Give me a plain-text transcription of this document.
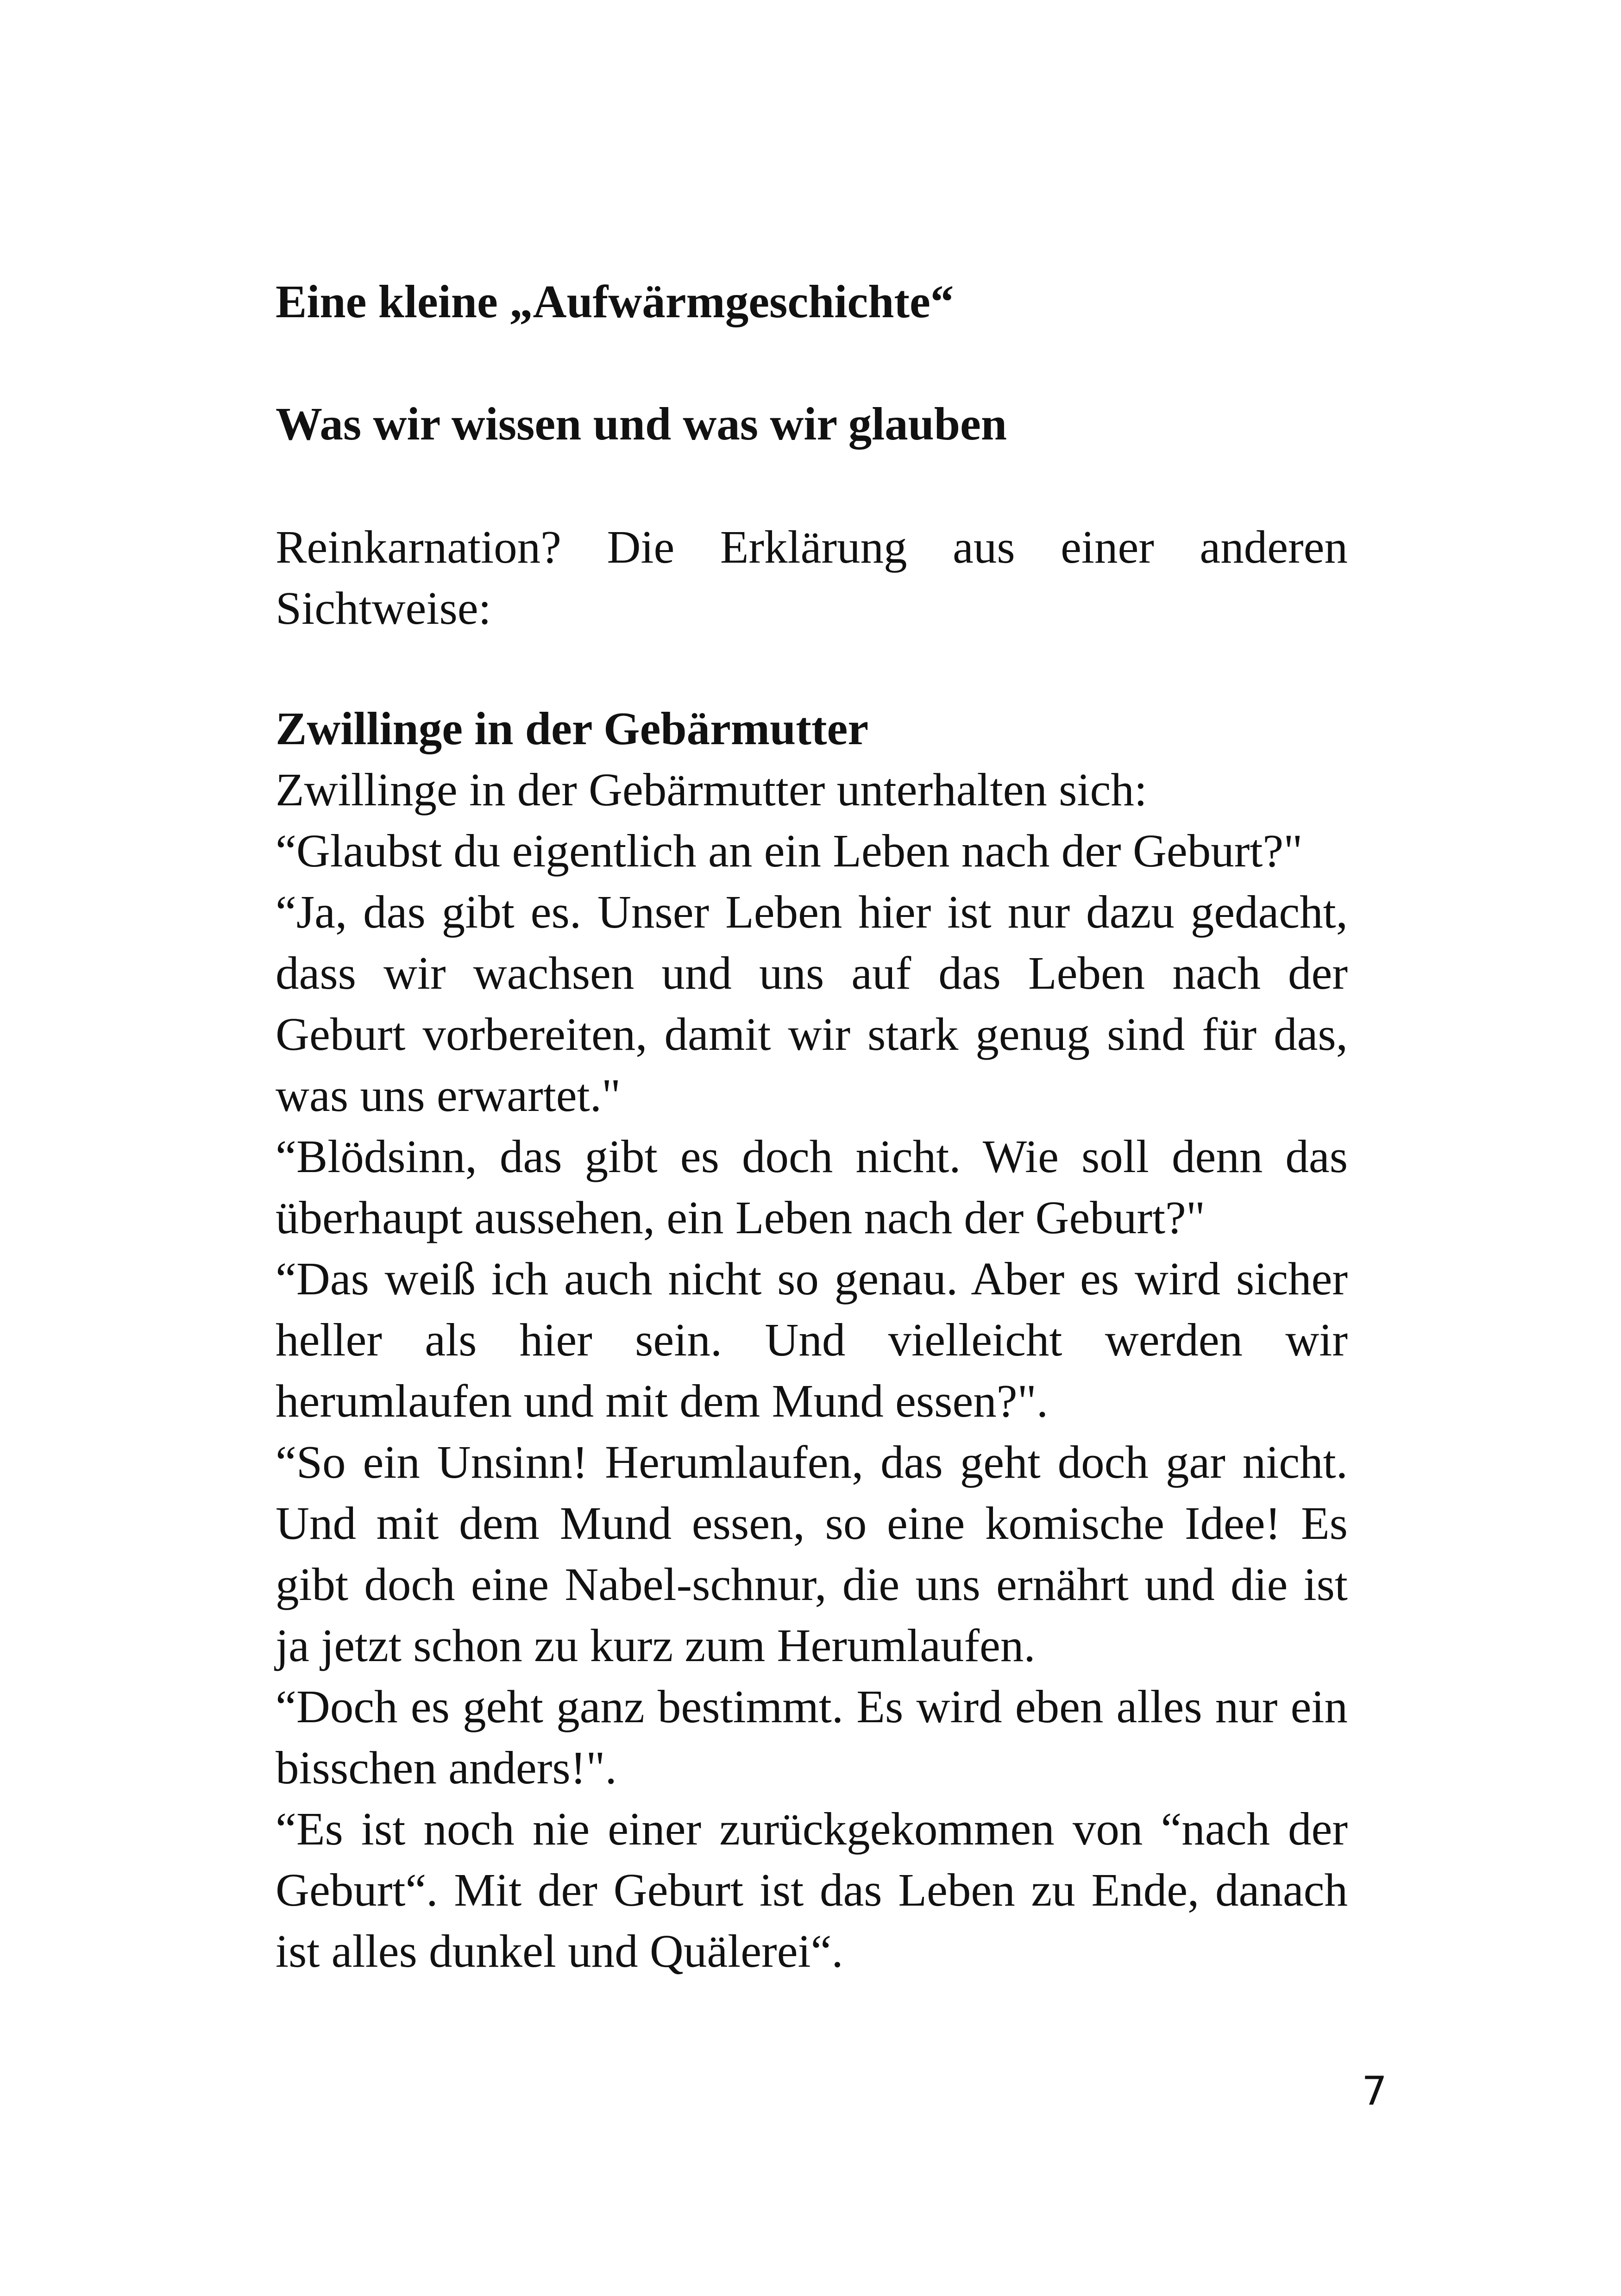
Eine kleine „Aufwärmgeschichte“

Was wir wissen und was wir glauben

Reinkarnation? Die Erklärung aus einer anderen Sichtweise:

Zwillinge in der Gebärmutter

Zwillinge in der Gebärmutter unterhalten sich:

“Glaubst du eigentlich an ein Leben nach der Geburt?"

“Ja, das gibt es. Unser Leben hier ist nur dazu gedacht, dass wir wachsen und uns auf das Leben nach der Geburt vorbereiten, damit wir stark genug sind für das, was uns erwartet."

“Blödsinn, das gibt es doch nicht. Wie soll denn das überhaupt aussehen, ein Leben nach der Geburt?"

“Das weiß ich auch nicht so genau. Aber es wird sicher heller als hier sein. Und vielleicht werden wir herumlaufen und mit dem Mund essen?".

“So ein Unsinn! Herumlaufen, das geht doch gar nicht. Und mit dem Mund essen, so eine komische Idee! Es gibt doch eine Nabel-schnur, die uns ernährt und die ist ja jetzt schon zu kurz zum Herumlaufen.

“Doch es geht ganz bestimmt. Es wird eben alles nur ein bisschen anders!".

“Es ist noch nie einer zurückgekommen von “nach der Geburt“. Mit der Geburt ist das Leben zu Ende, danach ist alles dunkel und Quälerei“.

7
